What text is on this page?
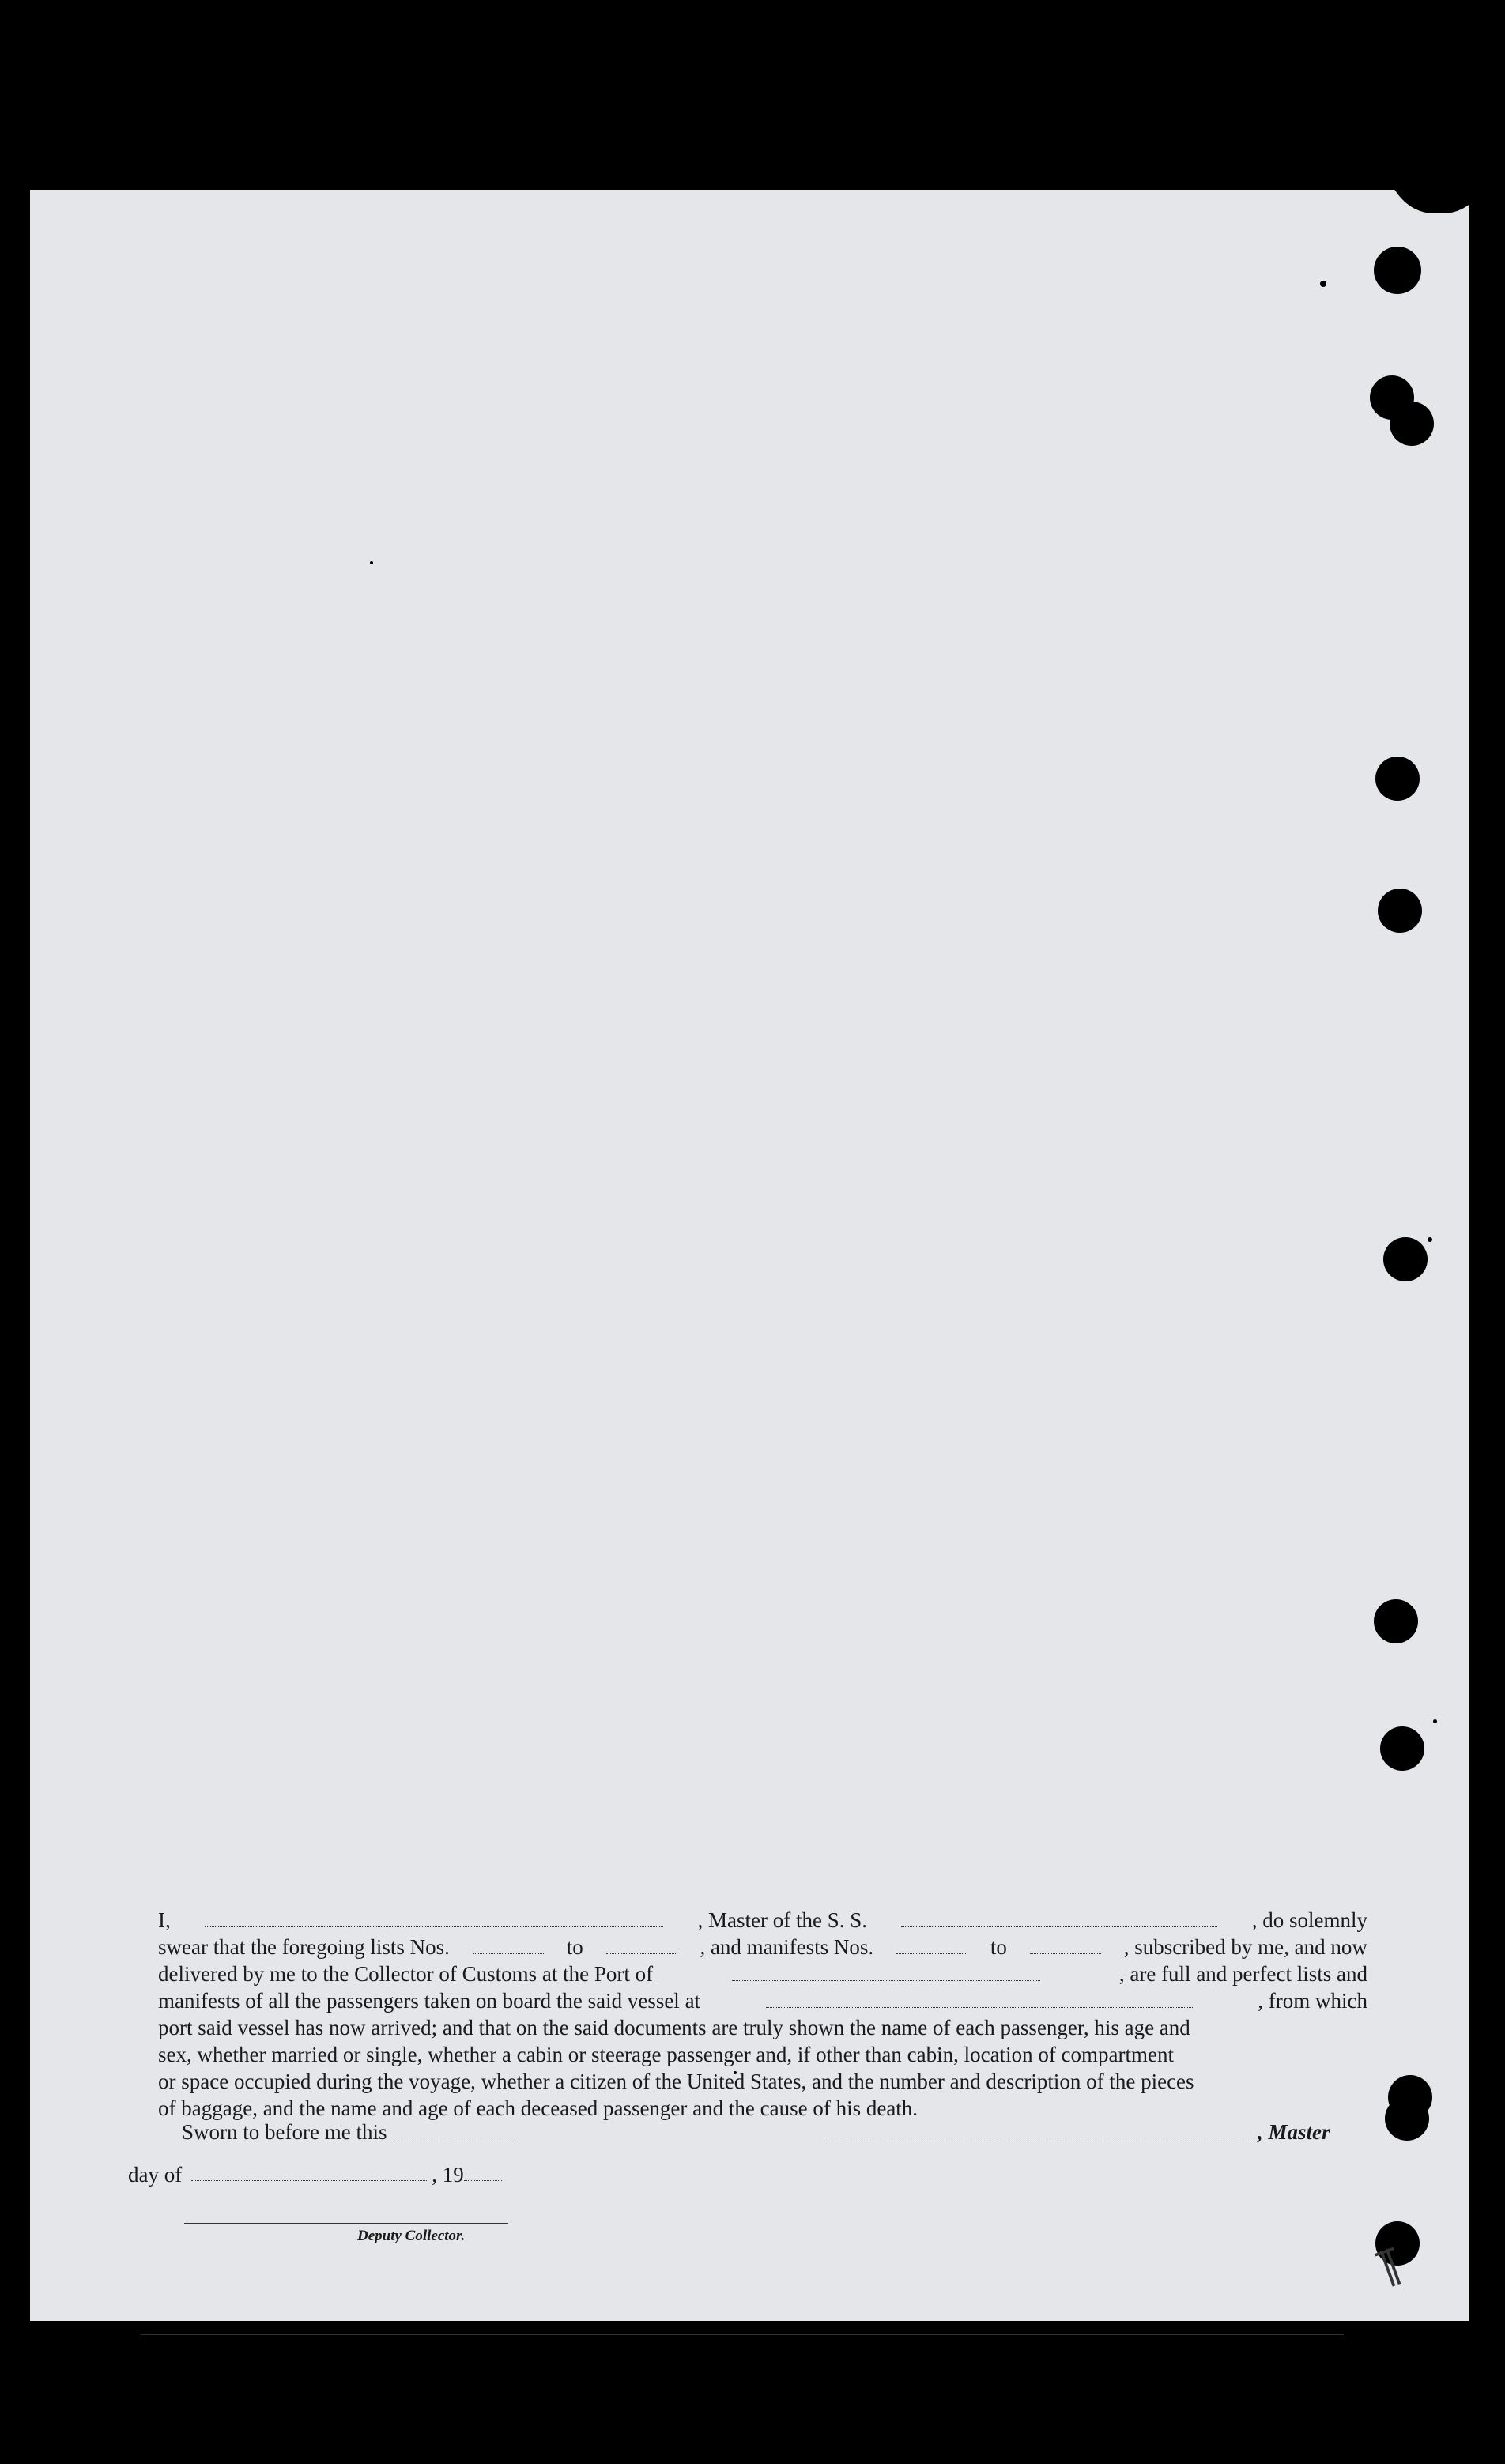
I,	, Master of the S. S.	, do solemnly
swear that the foregoing lists Nos.	to	, and manifests Nos.	to	, subscribed by me, and now
delivered by me to the Collector of Customs at the Port of	, are full and perfect lists and
manifests of all the passengers taken on board the said vessel at	, from which
port said vessel has now arrived; and that on the said documents are truly shown the name of each passenger, his age and
sex, whether married or single, whether a cabin or steerage passenger and, if other than cabin, location of compartment
or space occupied during the voyage, whether a citizen of the United States, and the number and description of the pieces
of baggage, and the name and age of each deceased passenger and the cause of his death.
Sworn to before me this	, Master
day of	, 19
Deputy Collector.
∥̅̅
